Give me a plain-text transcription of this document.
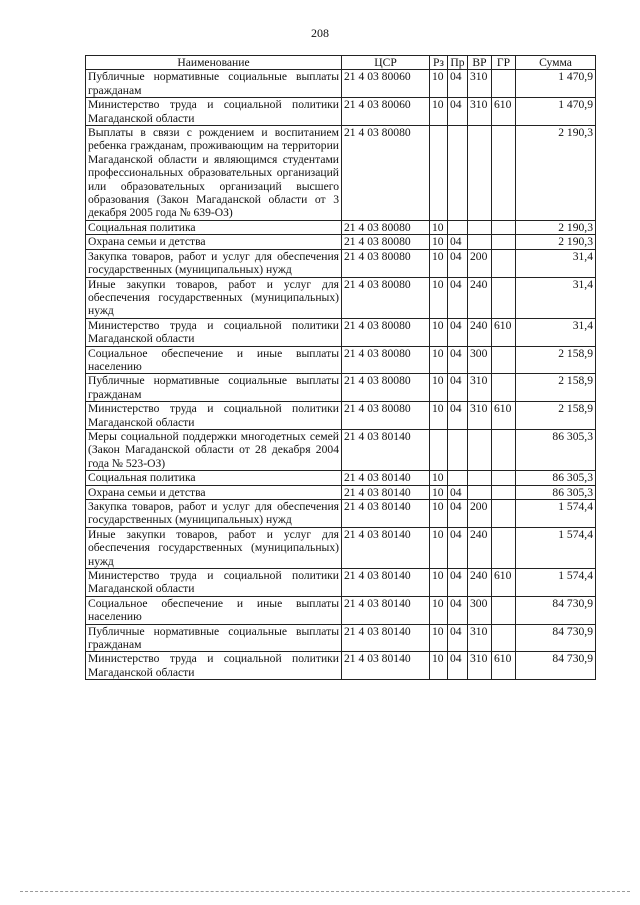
208
Наименование	ЦСР	Рз	Пр	ВР	ГР	Сумма
Публичные нормативные социальные выплаты гражданам	21 4 03 80060	10	04	310		1 470,9
Министерство труда и социальной политики Магаданской области	21 4 03 80060	10	04	310	610	1 470,9
Выплаты в связи с рождением и воспитанием ребенка гражданам, проживающим на территории Магаданской области и являющимся студентами профессиональных образовательных организаций или образовательных организаций высшего образования (Закон Магаданской области от 3 декабря 2005 года № 639-ОЗ)	21 4 03 80080					2 190,3
Социальная политика	21 4 03 80080	10				2 190,3
Охрана семьи и детства	21 4 03 80080	10	04			2 190,3
Закупка товаров, работ и услуг для обеспечения государственных (муниципальных) нужд	21 4 03 80080	10	04	200		31,4
Иные закупки товаров, работ и услуг для обеспечения государственных (муниципальных) нужд	21 4 03 80080	10	04	240		31,4
Министерство труда и социальной политики Магаданской области	21 4 03 80080	10	04	240	610	31,4
Социальное обеспечение и иные выплаты населению	21 4 03 80080	10	04	300		2 158,9
Публичные нормативные социальные выплаты гражданам	21 4 03 80080	10	04	310		2 158,9
Министерство труда и социальной политики Магаданской области	21 4 03 80080	10	04	310	610	2 158,9
Меры социальной поддержки многодетных семей (Закон Магаданской области от 28 декабря 2004 года № 523-ОЗ)	21 4 03 80140					86 305,3
Социальная политика	21 4 03 80140	10				86 305,3
Охрана семьи и детства	21 4 03 80140	10	04			86 305,3
Закупка товаров, работ и услуг для обеспечения государственных (муниципальных) нужд	21 4 03 80140	10	04	200		1 574,4
Иные закупки товаров, работ и услуг для обеспечения государственных (муниципальных) нужд	21 4 03 80140	10	04	240		1 574,4
Министерство труда и социальной политики Магаданской области	21 4 03 80140	10	04	240	610	1 574,4
Социальное обеспечение и иные выплаты населению	21 4 03 80140	10	04	300		84 730,9
Публичные нормативные социальные выплаты гражданам	21 4 03 80140	10	04	310		84 730,9
Министерство труда и социальной политики Магаданской области	21 4 03 80140	10	04	310	610	84 730,9
